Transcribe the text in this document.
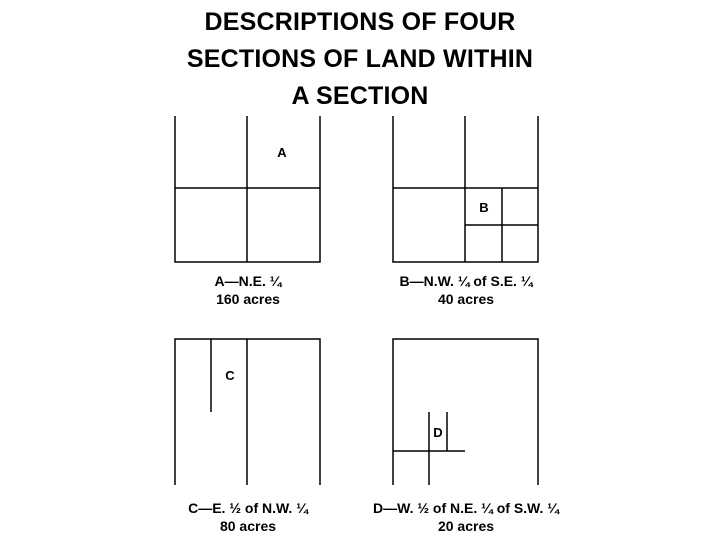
DESCRIPTIONS OF FOUR
SECTIONS OF LAND WITHIN
A SECTION
A
B
C
D
A—N.E. ¼
160 acres
B—N.W. ¼ of S.E. ¼
40 acres
C—E. ½ of N.W. ¼
80 acres
D—W. ½ of N.E. ¼ of S.W. ¼
20 acres
